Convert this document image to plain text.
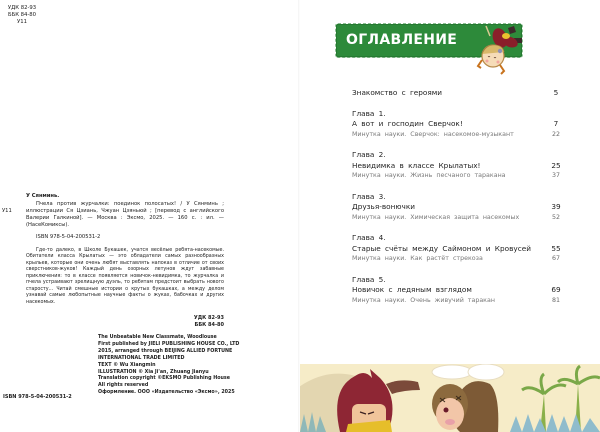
УДК 82-93
ББК 84-80
У11
У11
У Сянминь.
Пчела против журчалки: поединок полосатых! / У Сянминь ; иллюстрации Ся Цзиань, Чжуан Цзяньюй ; [перевод с английского Валерии Галкиной]. — Москва : Эксмо, 2025. — 160 с. : ил. — (НасеКомиксы).
ISBN 978-5-04-200531-2
Где-то далеко, в Школе Букашек, учатся весёлые ребята-насекомые. Обитатели класса Крылатых — это обладатели самых разнообразных крыльев, которые они очень любят выставлять напоказ в отличие от своих сверстников-жуков! Каждый день озорных летунов ждут забавные приключения: то в классе появляется новичок-невидимка, то журчалка и пчела устраивают зрелищную дуэль, то ребятам предстоит выбрать нового старосту... Читай смешные истории о крутых букашках, а между делом узнавай самые любопытные научные факты о жуках, бабочках и других насекомых.
УДК 82-93
ББК 84-80
The Unbeatable New Classmate, Woodlouse
First published by JIELI PUBLISHING HOUSE CO., LTD
2015, arranged through BEIJING ALLIED FORTUNE
INTERNATIONAL TRADE LIMITED
TEXT © Wu Xiangmin
ILLUSTRATION © Xia Ji'an, Zhuang Jianyu
Translation copyright ©EKSMO Publishing House
All rights reserved
Оформление. ООО «Издательство «Эксмо», 2025
ISBN 978-5-04-200531-2
ОГЛАВЛЕНИЕ
Знакомство с героями	5
Глава 1.
А вот и господин Сверчок!	7
Минутка науки. Сверчок: насекомое-музыкант	22
Глава 2.
Невидимка в классе Крылатых!	25
Минутка науки. Жизнь песчаного таракана	37
Глава 3.
Друзья-вонючки	39
Минутка науки. Химическая защита насекомых	52
Глава 4.
Старые счёты между Саймоном и Кровусей	55
Минутка науки. Как растёт стрекоза	67
Глава 5.
Новичок с ледяным взглядом	69
Минутка науки. Очень живучий таракан	81
